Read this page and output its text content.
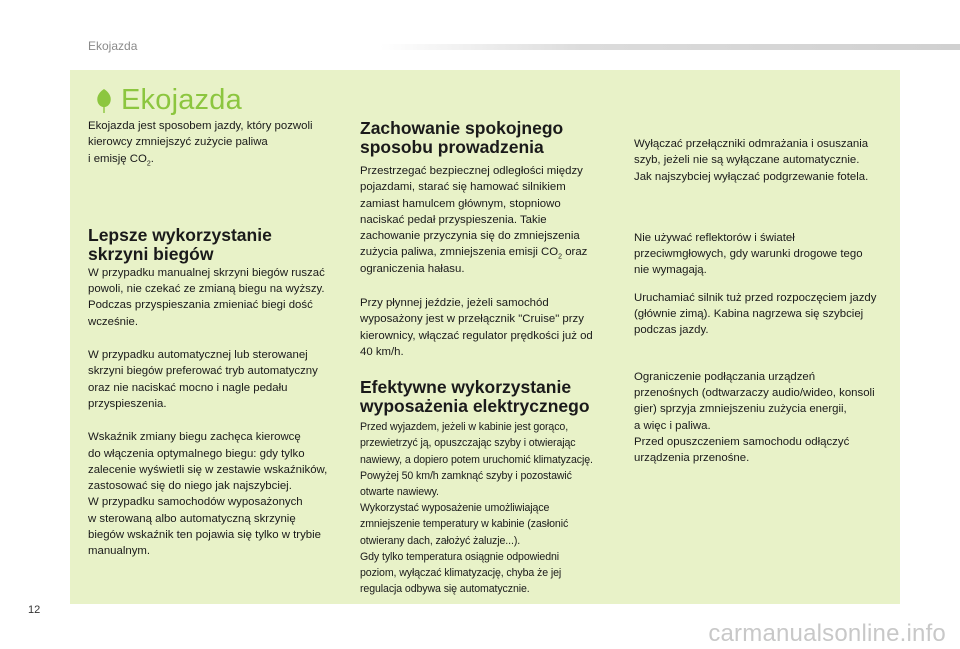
Ekojazda
Ekojazda

Ekojazda jest sposobem jazdy, który pozwoli
kierowcy zmniejszyć zużycie paliwa
i emisję $CO_2$.

Lepsze wykorzystanie
skrzyni biegów

W przypadku manualnej skrzyni biegów ruszać
powoli, nie czekać ze zmianą biegu na wyższy.
Podczas przyspieszania zmieniać biegi dość
wcześnie.

W przypadku automatycznej lub sterowanej
skrzyni biegów preferować tryb automatyczny
oraz nie naciskać mocno i nagle pedału
przyspieszenia.

Wskaźnik zmiany biegu zachęca kierowcę
do włączenia optymalnego biegu: gdy tylko
zalecenie wyświetli się w zestawie wskaźników,
zastosować się do niego jak najszybciej.
W przypadku samochodów wyposażonych
w sterowaną albo automatyczną skrzynię
biegów wskaźnik ten pojawia się tylko w trybie
manualnym.

Zachowanie spokojnego
sposobu prowadzenia

Przestrzegać bezpiecznej odległości między
pojazdami, starać się hamować silnikiem
zamiast hamulcem głównym, stopniowo
naciskać pedał przyspieszenia. Takie
zachowanie przyczynia się do zmniejszenia
zużycia paliwa, zmniejszenia emisji $CO_2$ oraz
ograniczenia hałasu.

Przy płynnej jeździe, jeżeli samochód
wyposażony jest w przełącznik "Cruise" przy
kierownicy, włączać regulator prędkości już od
40 km/h.

Efektywne wykorzystanie
wyposażenia elektrycznego

Przed wyjazdem, jeżeli w kabinie jest gorąco,
przewietrzyć ją, opuszczając szyby i otwierając
nawiewy, a dopiero potem uruchomić klimatyzację.
Powyżej 50 km/h zamknąć szyby i pozostawić
otwarte nawiewy.
Wykorzystać wyposażenie umożliwiające
zmniejszenie temperatury w kabinie (zasłonić
otwierany dach, założyć żaluzje...).
Gdy tylko temperatura osiągnie odpowiedni
poziom, wyłączać klimatyzację, chyba że jej
regulacja odbywa się automatycznie.

Wyłączać przełączniki odmrażania i osuszania
szyb, jeżeli nie są wyłączane automatycznie.
Jak najszybciej wyłączać podgrzewanie fotela.

Nie używać reflektorów i świateł
przeciwmgłowych, gdy warunki drogowe tego
nie wymagają.

Uruchamiać silnik tuż przed rozpoczęciem jazdy
(głównie zimą). Kabina nagrzewa się szybciej
podczas jazdy.

Ograniczenie podłączania urządzeń
przenośnych (odtwarzaczy audio/wideo, konsoli
gier) sprzyja zmniejszeniu zużycia energii,
a więc i paliwa.
Przed opuszczeniem samochodu odłączyć
urządzenia przenośne.

12
carmanualsonline.info
